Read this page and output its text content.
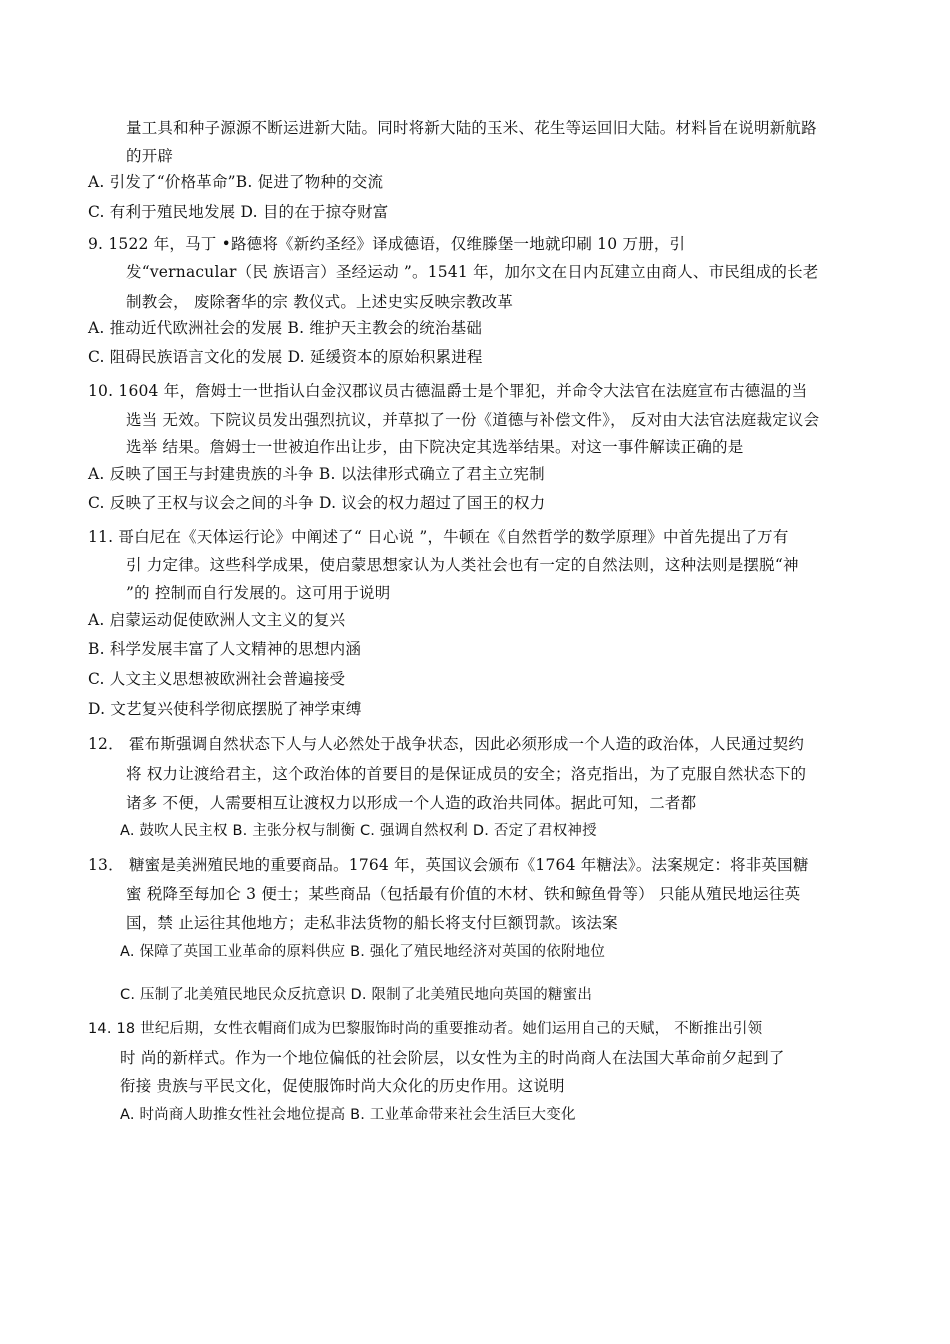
量工具和种子源源不断运进新大陆。同时将新大陆的玉米、花生等运回旧大陆。材料旨在说明新航路
的开辟
A. 引发了“价格革命”B. 促进了物种的交流
C. 有利于殖民地发展 D. 目的在于掠夺财富
9. 1522 年，马丁 •路德将《新约圣经》译成德语，仅维滕堡一地就印刷 10 万册，引
发“vernacular（民 族语言）圣经运动 ”。1541 年，加尔文在日内瓦建立由商人、市民组成的长老
制教会， 废除奢华的宗 教仪式。上述史实反映宗教改革
A. 推动近代欧洲社会的发展 B. 维护天主教会的统治基础
C. 阻碍民族语言文化的发展 D. 延缓资本的原始积累进程
10. 1604 年，詹姆士一世指认白金汉郡议员古德温爵士是个罪犯，并命令大法官在法庭宣布古德温的当
选当 无效。下院议员发出强烈抗议，并草拟了一份《道德与补偿文件》， 反对由大法官法庭裁定议会
选举 结果。詹姆士一世被迫作出让步，由下院决定其选举结果。对这一事件解读正确的是
A. 反映了国王与封建贵族的斗争 B. 以法律形式确立了君主立宪制
C. 反映了王权与议会之间的斗争 D. 议会的权力超过了国王的权力
11. 哥白尼在《天体运行论》中阐述了“ 日心说 ”，牛顿在《自然哲学的数学原理》中首先提出了万有
引 力定律。这些科学成果，使启蒙思想家认为人类社会也有一定的自然法则，这种法则是摆脱“神
”的 控制而自行发展的。这可用于说明
A. 启蒙运动促使欧洲人文主义的复兴
B. 科学发展丰富了人文精神的思想内涵
C. 人文主义思想被欧洲社会普遍接受
D. 文艺复兴使科学彻底摆脱了神学束缚
12． 霍布斯强调自然状态下人与人必然处于战争状态，因此必须形成一个人造的政治体，人民通过契约
将 权力让渡给君主，这个政治体的首要目的是保证成员的安全；洛克指出，为了克服自然状态下的
诸多 不便，人需要相互让渡权力以形成一个人造的政治共同体。据此可知，二者都
A. 鼓吹人民主权 B. 主张分权与制衡 C. 强调自然权利 D. 否定了君权神授
13． 糖蜜是美洲殖民地的重要商品。1764 年，英国议会颁布《1764 年糖法》。法案规定：将非英国糖
蜜 税降至每加仑 3 便士；某些商品（包括最有价值的木材、铁和鲸鱼骨等） 只能从殖民地运往英
国，禁 止运往其他地方；走私非法货物的船长将支付巨额罚款。该法案
A. 保障了英国工业革命的原料供应 B. 强化了殖民地经济对英国的依附地位
C. 压制了北美殖民地民众反抗意识 D. 限制了北美殖民地向英国的糖蜜出
14. 18 世纪后期，女性衣帽商们成为巴黎服饰时尚的重要推动者。她们运用自己的天赋， 不断推出引领
时 尚的新样式。作为一个地位偏低的社会阶层，以女性为主的时尚商人在法国大革命前夕起到了
衔接 贵族与平民文化，促使服饰时尚大众化的历史作用。这说明
A. 时尚商人助推女性社会地位提高 B. 工业革命带来社会生活巨大变化
